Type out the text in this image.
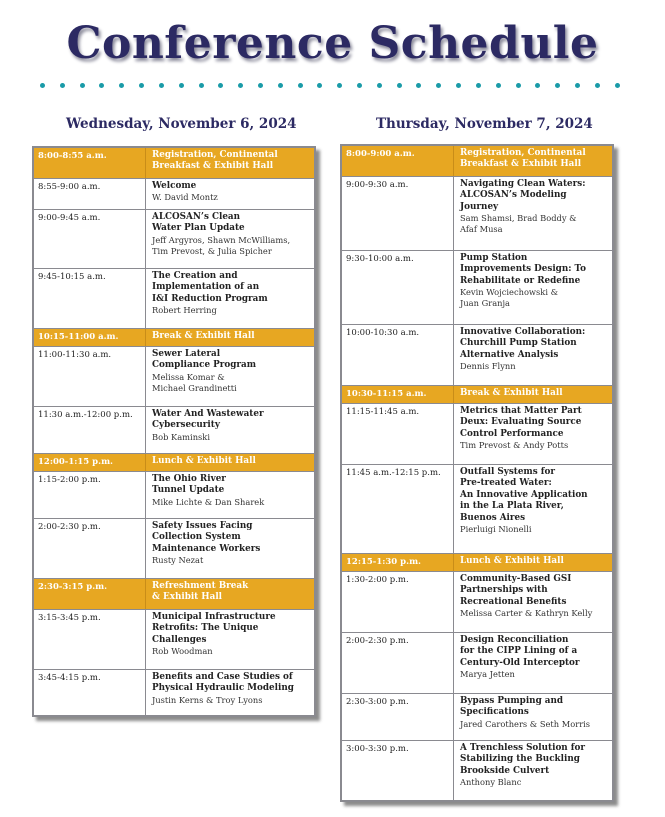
Conference Schedule
Wednesday, November 6, 2024	Thursday, November 7, 2024
8:00-8:55 a.m.	Registration, Continental
Breakfast & Exhibit Hall
8:55-9:00 a.m.	Welcome
W. David Montz
9:00-9:45 a.m.	ALCOSAN’s Clean
Water Plan Update
Jeff Argyros, Shawn McWilliams,
Tim Prevost, & Julia Spicher
9:45-10:15 a.m.	The Creation and
Implementation of an
I&I Reduction Program
Robert Herring
10:15-11:00 a.m.	Break & Exhibit Hall
11:00-11:30 a.m.	Sewer Lateral
Compliance Program
Melissa Komar &
Michael Grandinetti
11:30 a.m.-12:00 p.m.	Water And Wastewater
Cybersecurity
Bob Kaminski
12:00-1:15 p.m.	Lunch & Exhibit Hall
1:15-2:00 p.m.	The Ohio River
Tunnel Update
Mike Lichte & Dan Sharek
2:00-2:30 p.m.	Safety Issues Facing
Collection System
Maintenance Workers
Rusty Nezat
2:30-3:15 p.m.	Refreshment Break
& Exhibit Hall
3:15-3:45 p.m.	Municipal Infrastructure
Retrofits: The Unique
Challenges
Rob Woodman
3:45-4:15 p.m.	Benefits and Case Studies of
Physical Hydraulic Modeling
Justin Kerns & Troy Lyons
8:00-9:00 a.m.	Registration, Continental
Breakfast & Exhibit Hall
9:00-9:30 a.m.	Navigating Clean Waters:
ALCOSAN’s Modeling
Journey
Sam Shamsi, Brad Boddy &
Afaf Musa
9:30-10:00 a.m.	Pump Station
Improvements Design: To
Rehabilitate or Redefine
Kevin Wojciechowski &
Juan Granja
10:00-10:30 a.m.	Innovative Collaboration:
Churchill Pump Station
Alternative Analysis
Dennis Flynn
10:30-11:15 a.m.	Break & Exhibit Hall
11:15-11:45 a.m.	Metrics that Matter Part
Deux: Evaluating Source
Control Performance
Tim Prevost & Andy Potts
11:45 a.m.-12:15 p.m.	Outfall Systems for
Pre-treated Water:
An Innovative Application
in the La Plata River,
Buenos Aires
Pierluigi Nionelli
12:15-1:30 p.m.	Lunch & Exhibit Hall
1:30-2:00 p.m.	Community-Based GSI
Partnerships with
Recreational Benefits
Melissa Carter & Kathryn Kelly
2:00-2:30 p.m.	Design Reconciliation
for the CIPP Lining of a
Century-Old Interceptor
Marya Jetten
2:30-3:00 p.m.	Bypass Pumping and
Specifications
Jared Carothers & Seth Morris
3:00-3:30 p.m.	A Trenchless Solution for
Stabilizing the Buckling
Brookside Culvert
Anthony Blanc
